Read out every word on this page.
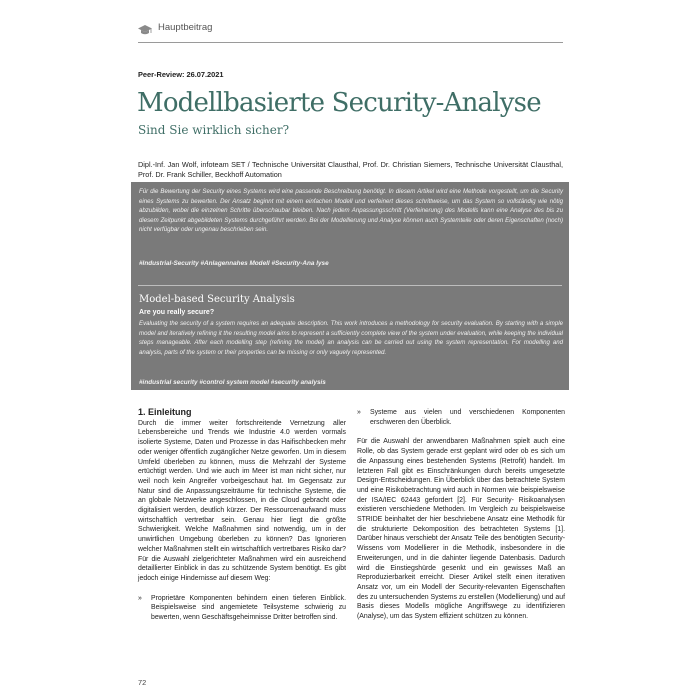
Hauptbeitrag
Peer-Review: 26.07.2021
Modellbasierte Security-Analyse
Sind Sie wirklich sicher?
Dipl.-Inf. Jan Wolf, infoteam SET / Technische Universität Clausthal, Prof. Dr. Christian Siemers, Technische Universität Clausthal, Prof. Dr. Frank Schiller, Beckhoff Automation
Für die Bewertung der Security eines Systems wird eine passende Beschreibung benötigt. In diesem Artikel wird eine Methode vorgestellt, um die Security eines Systems zu bewerten. Der Ansatz beginnt mit einem einfachen Modell und verfeinert dieses schrittweise, um das System so vollständig wie nötig abzubilden, wobei die einzelnen Schritte überschaubar bleiben. Nach jedem Anpassungsschritt (Verfeinerung) des Modells kann eine Analyse des bis zu diesem Zeitpunkt abgebildeten Systems durchgeführt werden. Bei der Modellierung und Analyse können auch Systemteile oder deren Eigenschaften (noch) nicht verfügbar oder ungenau beschrieben sein.
#Industrial-Security #Anlagennahes Modell #Security-Ana lyse
Model-based Security Analysis
Are you really secure?
Evaluating the security of a system requires an adequate description. This work introduces a methodology for security evaluation. By starting with a simple model and iteratively refining it the resulting model aims to represent a sufficiently complete view of the system under evaluation, while keeping the individual steps manageable. After each modelling step (refining the model) an analysis can be carried out using the system representation. For modelling and analysis, parts of the system or their properties can be missing or only vaguely represented.
#industrial security #control system model #security analysis
1. Einleitung
Durch die immer weiter fortschreitende Vernetzung aller Lebensbereiche und Trends wie Industrie 4.0 werden vormals isolierte Systeme, Daten und Prozesse in das Haifischbecken mehr oder weniger öffentlich zugänglicher Netze geworfen. Um in diesem Umfeld überleben zu können, muss die Mehrzahl der Systeme ertüchtigt werden. Und wie auch im Meer ist man nicht sicher, nur weil noch kein Angreifer vorbeigeschaut hat. Im Gegensatz zur Natur sind die Anpassungszeiträume für technische Systeme, die an globale Netzwerke angeschlossen, in die Cloud gebracht oder digitalisiert werden, deutlich kürzer. Der Ressourcenaufwand muss wirtschaftlich vertretbar sein. Genau hier liegt die größte Schwierigkeit. Welche Maßnahmen sind notwendig, um in der unwirtlichen Umgebung überleben zu können? Das Ignorieren welcher Maßnahmen stellt ein wirtschaftlich vertretbares Risiko dar? Für die Auswahl zielgerichteter Maßnahmen wird ein ausreichend detaillierter Einblick in das zu schützende System benötigt. Es gibt jedoch einige Hindernisse auf diesem Weg:
» Proprietäre Komponenten behindern einen tieferen Einblick. Beispielsweise sind angemietete Teilsysteme schwierig zu bewerten, wenn Geschäftsgeheimnisse Dritter betroffen sind.
» Systeme aus vielen und verschiedenen Komponenten erschweren den Überblick.
Für die Auswahl der anwendbaren Maßnahmen spielt auch eine Rolle, ob das System gerade erst geplant wird oder ob es sich um die Anpassung eines bestehenden Systems (Retrofit) handelt. Im letzteren Fall gibt es Einschränkungen durch bereits umgesetzte Design-Entscheidungen. Ein Überblick über das betrachtete System und eine Risikobetrachtung wird auch in Normen wie beispielsweise der ISA/IEC 62443 gefordert [2]. Für Security- Risikoanalysen existieren verschiedene Methoden. Im Vergleich zu beispielsweise STRIDE beinhaltet der hier beschriebene Ansatz eine Methodik für die strukturierte Dekomposition des betrachteten Systems [1]. Darüber hinaus verschiebt der Ansatz Teile des benötigten Security-Wissens vom Modellierer in die Methodik, insbesondere in die Erweiterungen, und in die dahinter liegende Datenbasis. Dadurch wird die Einstiegshürde gesenkt und ein gewisses Maß an Reproduzierbarkeit erreicht. Dieser Artikel stellt einen iterativen Ansatz vor, um ein Modell der Security-relevanten Eigenschaften des zu untersuchenden Systems zu erstellen (Modellierung) und auf Basis dieses Modells mögliche Angriffswege zu identifizieren (Analyse), um das System effizient schützen zu können.
72
